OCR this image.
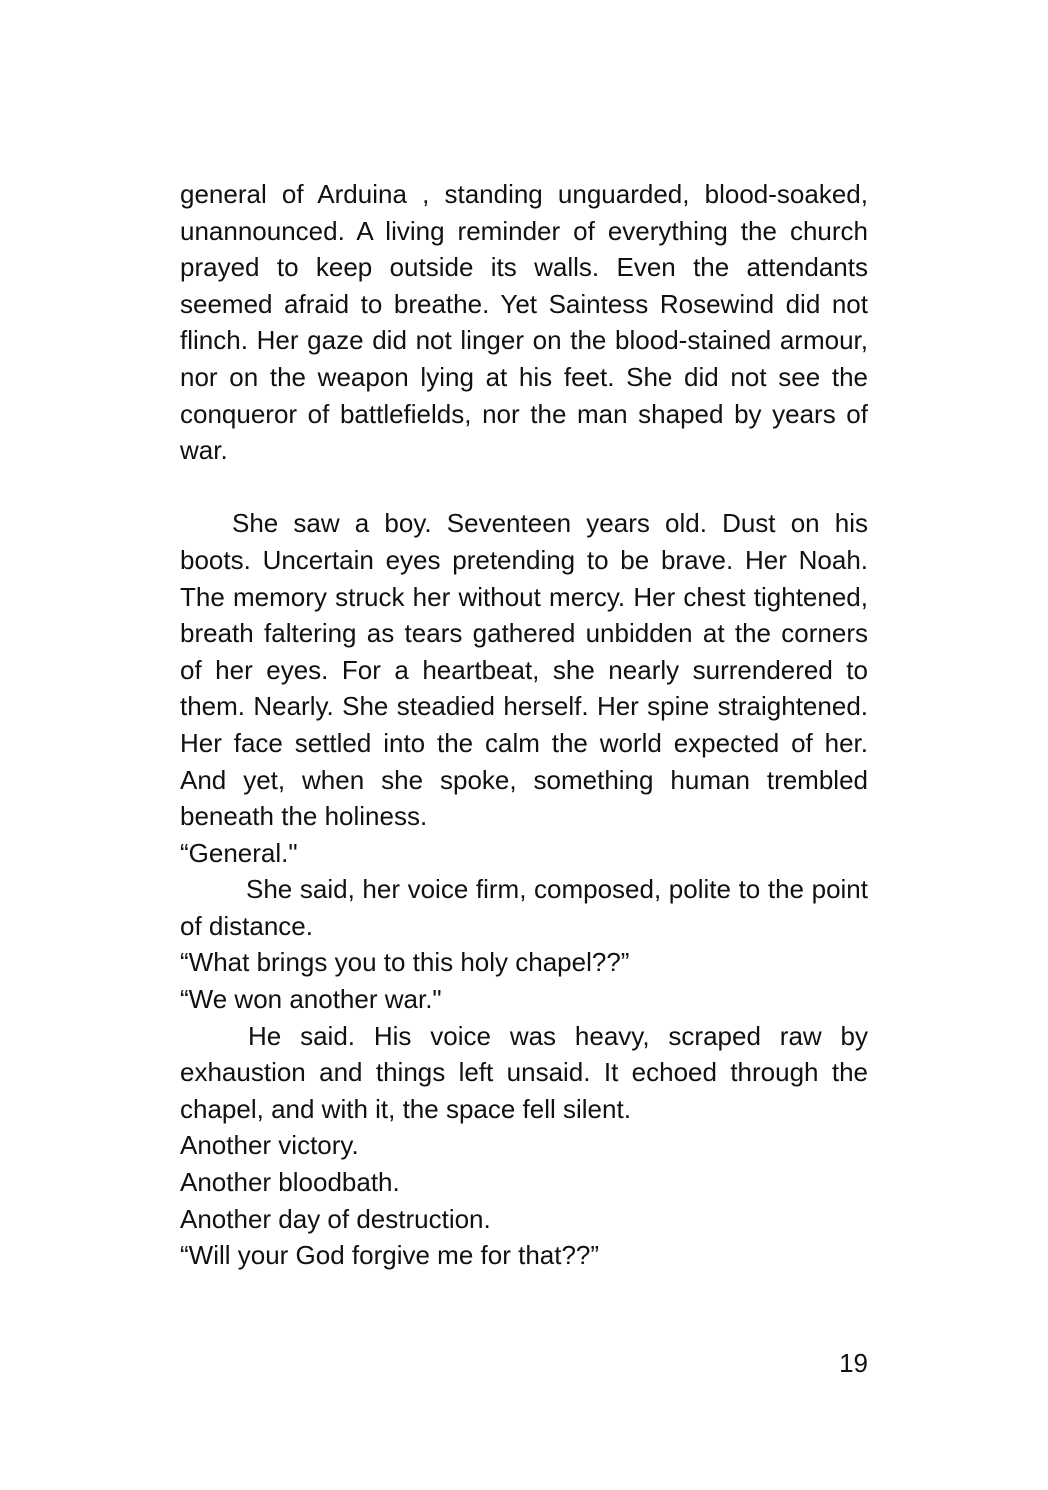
general of Arduina , standing unguarded, blood-soaked, unannounced. A living reminder of everything the church prayed to keep outside its walls. Even the attendants seemed afraid to breathe. Yet Saintess Rosewind did not flinch. Her gaze did not linger on the blood-stained armour, nor on the weapon lying at his feet. She did not see the conqueror of battlefields, nor the man shaped by years of war.

She saw a boy. Seventeen years old. Dust on his boots. Uncertain eyes pretending to be brave. Her Noah. The memory struck her without mercy. Her chest tightened, breath faltering as tears gathered unbidden at the corners of her eyes. For a heartbeat, she nearly surrendered to them. Nearly. She steadied herself. Her spine straightened. Her face settled into the calm the world expected of her. And yet, when she spoke, something human trembled beneath the holiness.

“General."

She said, her voice firm, composed, polite to the point of distance.

“What brings you to this holy chapel??”

“We won another war."

He said. His voice was heavy, scraped raw by exhaustion and things left unsaid. It echoed through the chapel, and with it, the space fell silent.

Another victory.

Another bloodbath.

Another day of destruction.

“Will your God forgive me for that??”

19
